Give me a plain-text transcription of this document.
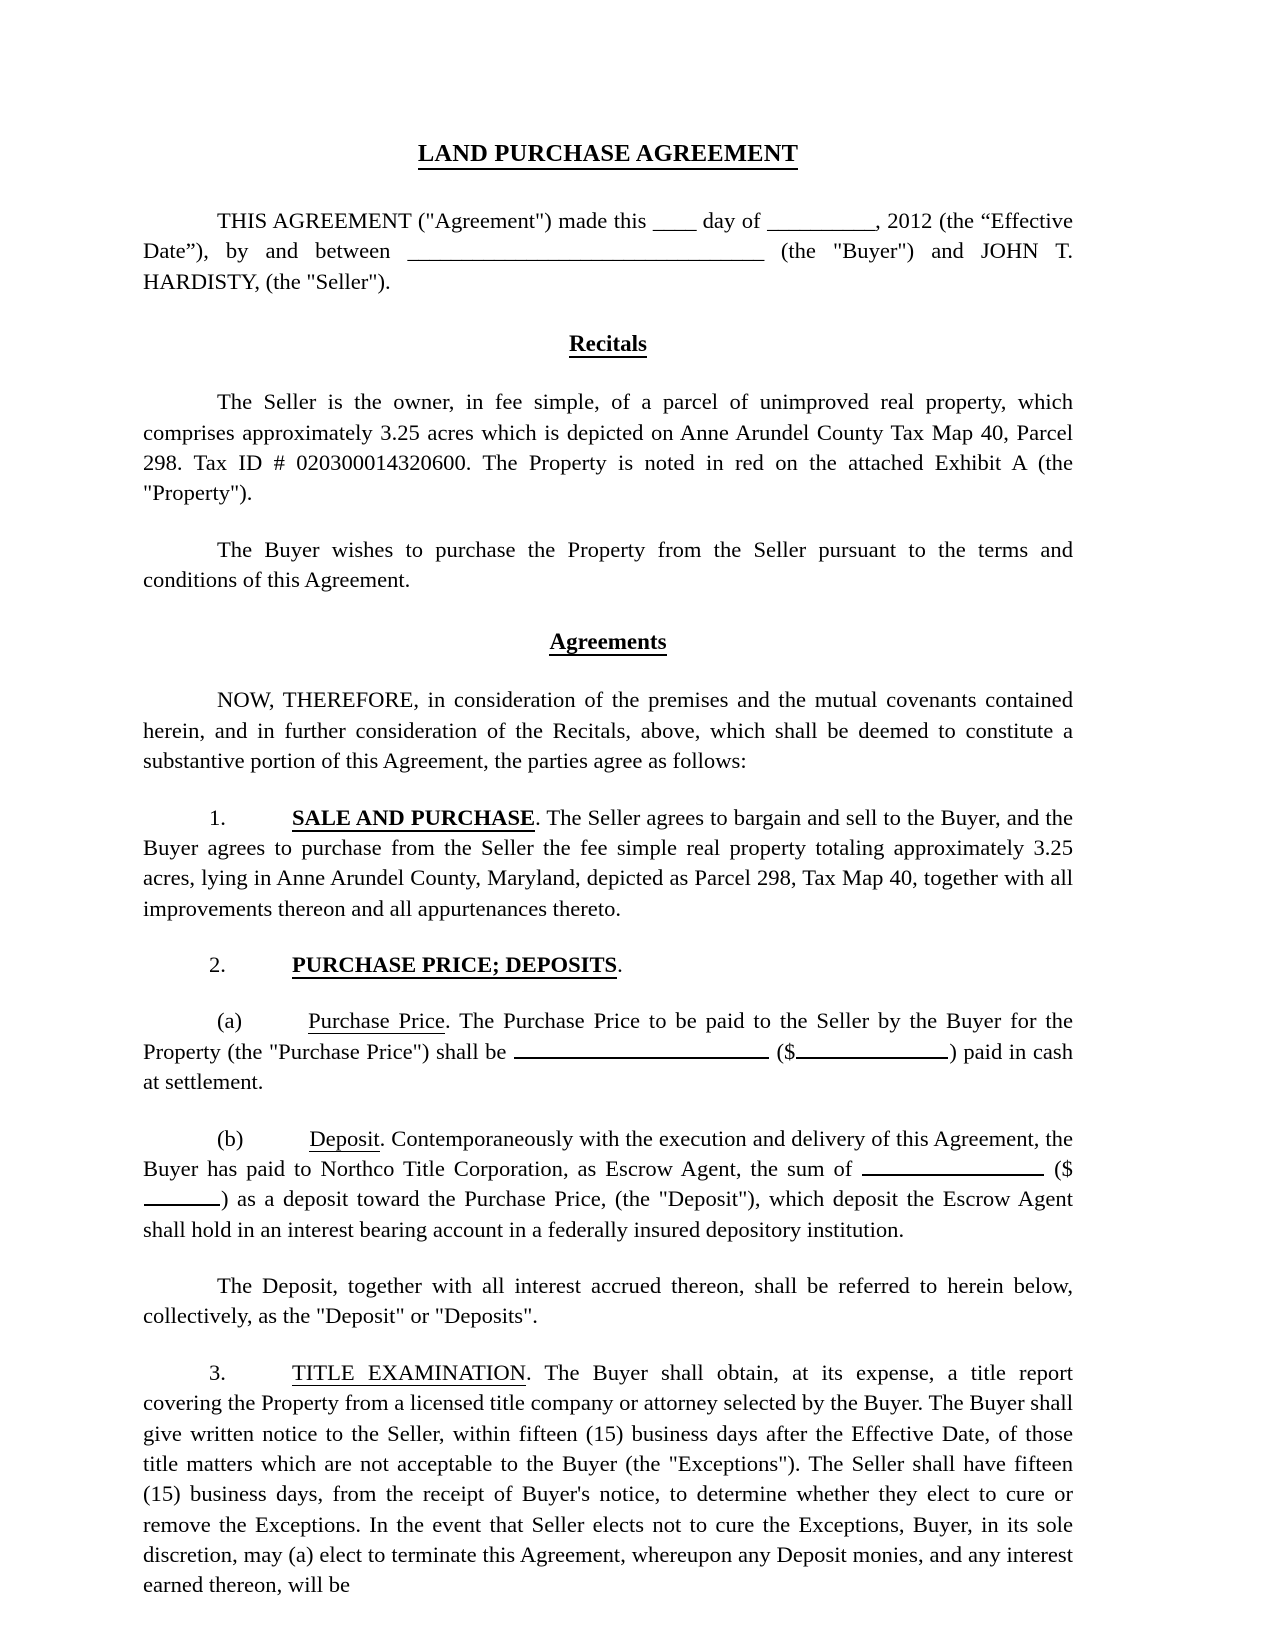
LAND PURCHASE AGREEMENT

THIS AGREEMENT ("Agreement") made this ____ day of __________, 2012 (the “Effective Date”), by and between _________________________________ (the "Buyer") and JOHN T. HARDISTY, (the "Seller").

Recitals

The Seller is the owner, in fee simple, of a parcel of unimproved real property, which comprises approximately 3.25 acres which is depicted on Anne Arundel County Tax Map 40, Parcel 298. Tax ID # 020300014320600. The Property is noted in red on the attached Exhibit A (the "Property").

The Buyer wishes to purchase the Property from the Seller pursuant to the terms and conditions of this Agreement.

Agreements

NOW, THEREFORE, in consideration of the premises and the mutual covenants contained herein, and in further consideration of the Recitals, above, which shall be deemed to constitute a substantive portion of this Agreement, the parties agree as follows:

1.	SALE AND PURCHASE. The Seller agrees to bargain and sell to the Buyer, and the Buyer agrees to purchase from the Seller the fee simple real property totaling approximately 3.25 acres, lying in Anne Arundel County, Maryland, depicted as Parcel 298, Tax Map 40, together with all improvements thereon and all appurtenances thereto.

2.	PURCHASE PRICE; DEPOSITS.

(a)	Purchase Price. The Purchase Price to be paid to the Seller by the Buyer for the Property (the "Purchase Price") shall be	($	) paid in cash at settlement.

(b)	Deposit. Contemporaneously with the execution and delivery of this Agreement, the Buyer has paid to Northco Title Corporation, as Escrow Agent, the sum of	($) as a deposit toward the Purchase Price, (the "Deposit"), which deposit the Escrow Agent shall hold in an interest bearing account in a federally insured depository institution.

The Deposit, together with all interest accrued thereon, shall be referred to herein below, collectively, as the "Deposit" or "Deposits".

3.	TITLE EXAMINATION. The Buyer shall obtain, at its expense, a title report covering the Property from a licensed title company or attorney selected by the Buyer. The Buyer shall give written notice to the Seller, within fifteen (15) business days after the Effective Date, of those title matters which are not acceptable to the Buyer (the "Exceptions"). The Seller shall have fifteen (15) business days, from the receipt of Buyer's notice, to determine whether they elect to cure or remove the Exceptions. In the event that Seller elects not to cure the Exceptions, Buyer, in its sole discretion, may (a) elect to terminate this Agreement, whereupon any Deposit monies, and any interest earned thereon, will be
